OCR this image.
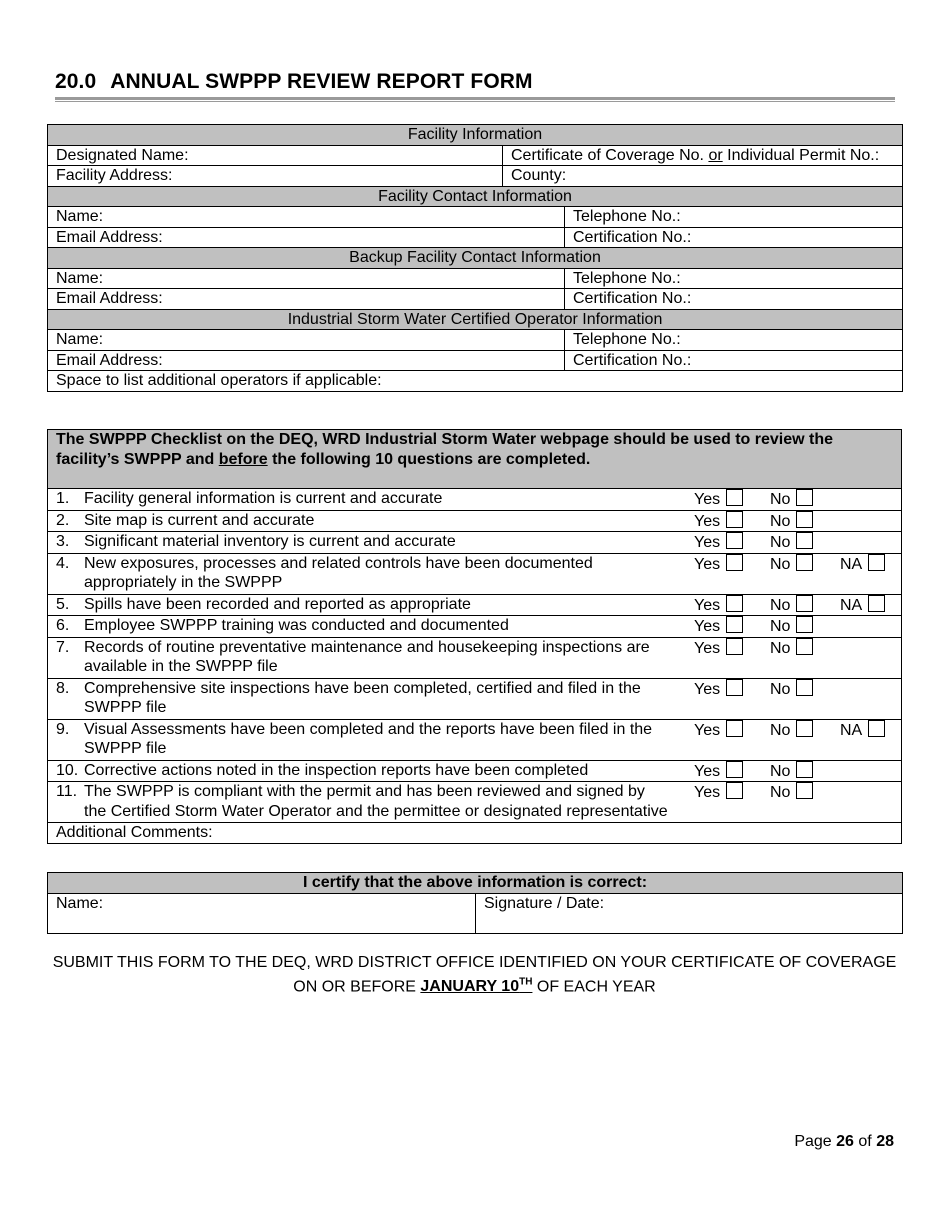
20.0 ANNUAL SWPPP REVIEW REPORT FORM
Facility Information		
Designated Name:	Certificate of Coverage No. or Individual Permit No.:	
Facility Address:	County:	
Facility Contact Information		
Name:		Telephone No.:
Email Address:		Certification No.:
Backup Facility Contact Information		
Name:		Telephone No.:
Email Address:		Certification No.:
Industrial Storm Water Certified Operator Information		
Name:		Telephone No.:
Email Address:		Certification No.:
Space to list additional operators if applicable:		
The SWPPP Checklist on the DEQ, WRD Industrial Storm Water webpage should be used to review the facility’s SWPPP and before the following 10 questions are completed.

1. Facility general information is current and accurate	Yes	No

2. Site map is current and accurate	Yes	No

3. Significant material inventory is current and accurate	Yes	No

4. New exposures, processes and related controls have been documented appropriately in the SWPPP
Yes	No	NA

5. Spills have been recorded and reported as appropriate	Yes	No	NA

6. Employee SWPPP training was conducted and documented	Yes	No

7. Records of routine preventative maintenance and housekeeping inspections are available in the SWPPP file
Yes	No

8. Comprehensive site inspections have been completed, certified and filed in the SWPPP file
Yes	No

9. Visual Assessments have been completed and the reports have been filed in the SWPPP file
Yes	No	NA

10. Corrective actions noted in the inspection reports have been completed	Yes	No

11. The SWPPP is compliant with the permit and has been reviewed and signed by the Certified Storm Water Operator and the permittee or designated representative
Yes	No

Additional Comments:
I certify that the above information is correct:
Name:	Signature / Date:
SUBMIT THIS FORM TO THE DEQ, WRD DISTRICT OFFICE IDENTIFIED ON YOUR CERTIFICATE OF COVERAGE ON OR BEFORE JANUARY 10TH OF EACH YEAR
Page 26 of 28
